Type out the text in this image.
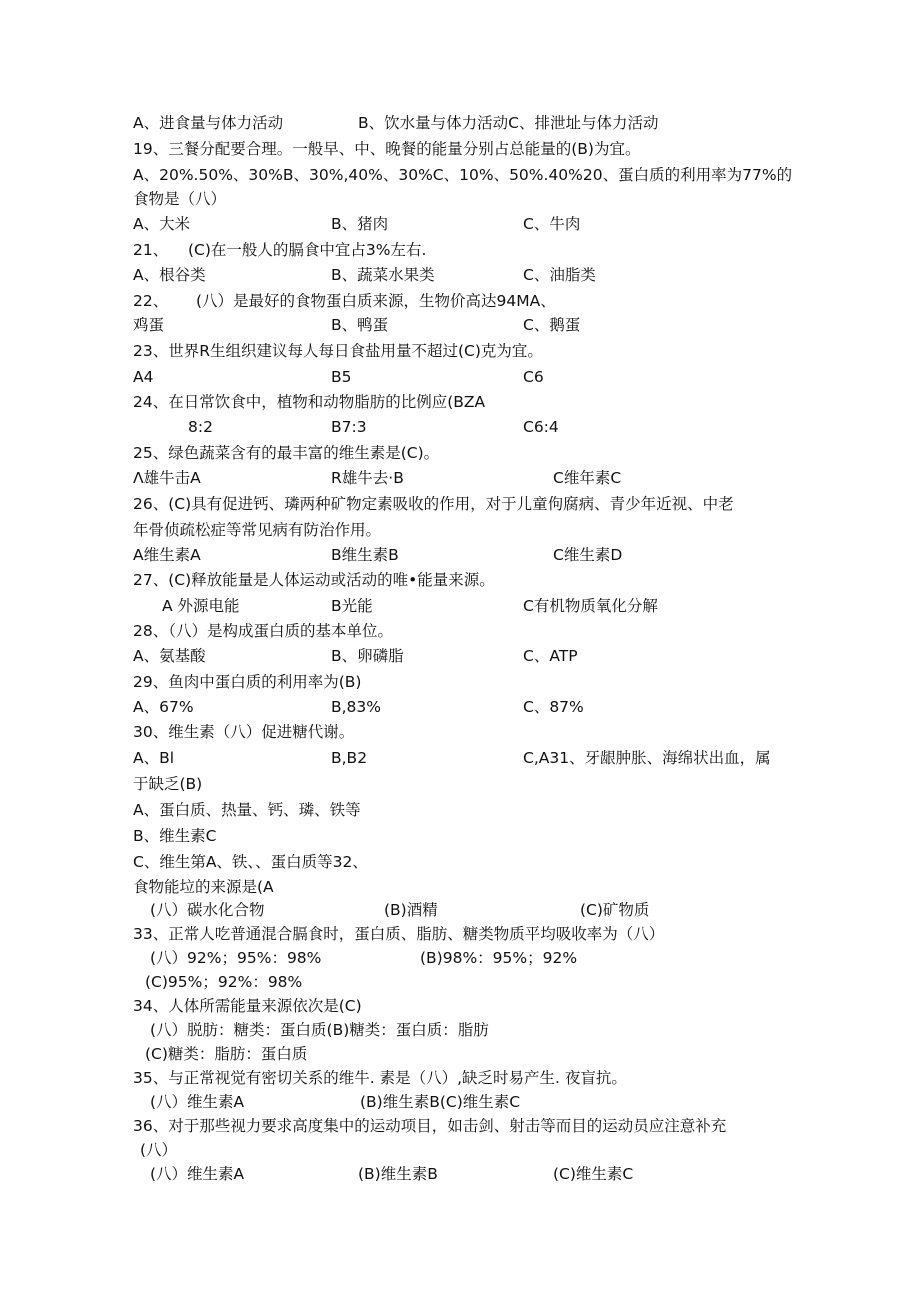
A、进食量与体力活动	B、饮水量与体力活动C、排泄址与体力活动
19、三餐分配要合理。一般早、中、晚餐的能量分别占总能量的(B)为宜。
A、20%.50%、30%B、30%,40%、30%C、10%、50%.40%20、蛋白质的利用率为77%的
食物是（八）
A、大米	B、猪肉	C、牛肉
21、 (C)在一般人的膈食中宜占3%左右.
A、根谷类	B、蔬菜水果类	C、油脂类
22、 (八）是最好的食物蛋白质来源，生物价高达94MA、
鸡蛋	B、鸭蛋	C、鹅蛋
23、世界R生组织建议每人每日食盐用量不超过(C)克为宜。
A4	B5	C6
24、在日常饮食中，植物和动物脂肪的比例应(BZA
8:2	B7:3	C6:4
25、绿色蔬菜含有的最丰富的维生素是(C)。
Λ雄牛击A	R雄牛去·B	C维年素C
26、(C)具有促进钙、璘两种矿物定素吸收的作用，对于儿童佝腐病、青少年近视、中老
年骨侦疏松症等常见病有防治作用。
A维生素A	B维生素B	C维生素D
27、(C)释放能量是人体运动或活动的唯•能量来源。
A 外源电能	B光能	C有机物质氧化分解
28、（八）是构成蛋白质的基本单位。
A、氨基酸	B、卵磷脂	C、ATP
29、鱼肉中蛋白质的利用率为(B)
A、67%	B,83%	C、87%
30、维生素（八）促进糖代谢。
A、Bl	B,B2	C,A31、牙龈肿胀、海绵状出血，属
于缺乏(B)
A、蛋白质、热量、钙、璘、铁等
B、维生素C
C、维生第A、铁、、蛋白质等32、
食物能垃的来源是(A
(八）碳水化合物	(B)酒精	(C)矿物质
33、正常人吃普通混合膈食时，蛋白质、脂肪、糖类物质平均吸收率为（八）
(八）92%；95%：98%	(B)98%：95%；92%
(C)95%；92%：98%
34、人体所需能量来源依次是(C)
(八）脱肪：糖类：蛋白质(B)糖类：蛋白质：脂肪
(C)糖类：脂肪：蛋白质
35、与正常视觉有密切关系的维牛. 素是（八）,缺乏时易产生. 夜盲抗。
(八）维生素A	(B)维生素B(C)维生素C
36、对于那些视力要求高度集中的运动项目，如击剑、射击等而目的运动员应注意补充
(八）
(八）维生素A	(B)维生素B	(C)维生素C
